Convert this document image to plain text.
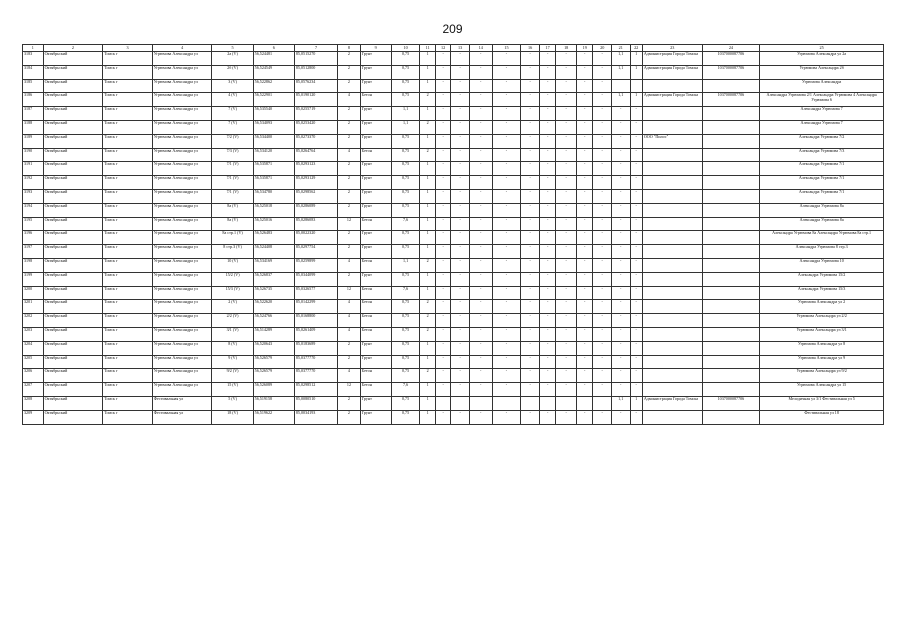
209
1	2	3	4	5	6	7	8	9	10	11	12	13	14	15	16	17	18	19	20	21	22	23	24	25
3183	Октябрьский	Томск г	Угрюмова Александра ул	2а (V)	56,524481	85,0515270	2	Грунт	0,75	1	-	-	-	-	-	-	-	-	-	1,1	1	Администрация Города Томска	1037000087706	Угрюмова Александра ул 2а
3184	Октябрьский	Томск г	Угрюмова Александра ул	2б (V)	56,524549	85,0512800	2	Грунт	0,75	1	-	-	-	-	-	-	-	-	-	1,1	1	Администрация Города Томска	1037000087706	Угрюмова Александра 2б
3185	Октябрьский	Томск г	Угрюмова Александра ул	3 (V)	56,522862	85,0576234	2	Грунт	0,75	1	-	-	-	-	-	-	-	-	-					Угрюмова Александра
3186	Октябрьский	Томск г	Угрюмова Александра ул	4 (V)	56,522901	85,0190120	4	Бетон	0,75	2	-	-	-	-	-	-	-	-	-	1,1	1	Администрация Города Томска	1037000087706	Александра Угрюмова 2/1 Александра Угрюмова 4 Александра Угрюмова 6
3187	Октябрьский	Томск г	Угрюмова Александра ул	7 (V)	56,535540	85,0255719	2	Грунт	1,1	1	-	-	-	-	-	-	-	-	-	-	-			Александра Угрюмова 7
3188	Октябрьский	Томск г	Угрюмова Александра ул	7 (V)	56,534093	85,0253420	2	Грунт	1,1	2	-	-	-	-	-	-	-	-	-	-	-			Александра Угрюмова 7
3189	Октябрьский	Томск г	Угрюмова Александра ул	7/2 (V)	56,534400	85,0273370	2	Грунт	0,75	1	-	-	-	-	-	-	-	-	-	-	-	ООО "Пилос"		Александра Угрюмова 7/2
3190	Октябрьский	Томск г	Угрюмова Александра ул	7/3 (V)	56,534120	85,0264764	4	Бетон	0,75	2	-	-	-	-	-	-	-	-	-	-	-			Александра Угрюмова 7/3
3191	Октябрьский	Томск г	Угрюмова Александра ул	7/1 (V)	56,535871	85,0293123	2	Грунт	0,75	1	-	-	-	-	-	-	-	-	-	-	-			Александра Угрюмова 7/1
3192	Октябрьский	Томск г	Угрюмова Александра ул	7/1 (V)	56,535871	85,0293129	2	Грунт	0,75	1	-	-	-	-	-	-	-	-	-	-	-			Александра Угрюмова 7/1
3193	Октябрьский	Томск г	Угрюмова Александра ул	7/1 (V)	56,534780	85,0298562	2	Грунт	0,75	1	-	-	-	-	-	-	-	-	-	-	-			Александра Угрюмова 7/1
3194	Октябрьский	Томск г	Угрюмова Александра ул	8а (V)	56,525018	85,0286089	2	Грунт	0,75	1	-	-	-	-	-	-	-	-	-	-	-			Александра Угрюмова 8а
3195	Октябрьский	Томск г	Угрюмова Александра ул	8а (V)	56,525016	85,0286083	12	Бетон	7,6	1	-	-	-	-	-	-	-	-	-	-	-			Александра Угрюмова 8а
3196	Октябрьский	Томск г	Угрюмова Александра ул	8а стр.1 (V)	56,526483	85,0022320	2	Грунт	0,75	1	-	-	-	-	-	-	-	-	-	-	-			Александра Угрюмова 8а Александра Угрюмова 8а стр.1
3197	Октябрьский	Томск г	Угрюмова Александра ул	8 стр.3 (V)	56,524408	85,0297754	2	Грунт	0,75	1	-	-	-	-	-	-	-	-	-	-	-			Александра Угрюмова 8 стр.3
3198	Октябрьский	Томск г	Угрюмова Александра ул	10 (V)	56,534169	85,0259899	4	Бетон	1,1	2	-	-	-	-	-	-	-	-	-	-	-			Александра Угрюмова 10
3199	Октябрьский	Томск г	Угрюмова Александра ул	15/2 (V)	56,526837	85,0344099	2	Грунт	0,75	1	-	-	-	-	-	-	-	-	-	-	-			Александра Угрюмова 15/2
3200	Октябрьский	Томск г	Угрюмова Александра ул	15/3 (V)	56,526735	85,0326577	12	Бетон	7,6	1	-	-	-	-	-	-	-	-	-	-	-			Александра Угрюмова 15/3
3201	Октябрьский	Томск г	Угрюмова Александра ул	2 (V)	56,522620	85,0142299	4	Бетон	0,75	2	-	-	-	-	-	-	-	-	-	-	-			Угрюмова Александра ул 2
3202	Октябрьский	Томск г	Угрюмова Александра ул	2/2 (V)	56,524766	85,0168800	4	Бетон	0,75	2	-	-	-	-	-	-	-	-	-	-	-			Угрюмова Александра ул 2/2
3203	Октябрьский	Томск г	Угрюмова Александра ул	3/1 (V)	56,514289	85,0261409	4	Бетон	0,75	2	-	-	-	-	-	-	-	-	-	-	-			Угрюмова Александра ул 3/1
3204	Октябрьский	Томск г	Угрюмова Александра ул	8 (V)	56,520643	85,0183689	2	Грунт	0,75	1	-	-	-	-	-	-	-	-	-	-	-			Угрюмова Александра ул 8
3205	Октябрьский	Томск г	Угрюмова Александра ул	9 (V)	56,526579	85,0377770	2	Грунт	0,75	1	-	-	-	-	-	-	-	-	-	-	-			Угрюмова Александра ул 9
3206	Октябрьский	Томск г	Угрюмова Александра ул	9/2 (V)	56,526579	85,0377770	4	Бетон	0,75	2	-	-	-	-	-	-	-	-	-	-	-			Угрюмова Александра ул 9/2
3207	Октябрьский	Томск г	Угрюмова Александра ул	15 (V)	56,526089	85,0298512	12	Бетон	7,6	1	-	-	-	-	-	-	-	-	-	-	-			Угрюмова Александра ул 15
3208	Октябрьский	Томск г	Фестивальная ул	5 (V)	56,519158	85,0080510	2	Грунт	0,75	1										1,1	1	Администрация Города Томска	1037000087706	Мелодичная ул 3/1 Фестивальная ул 5
3209	Октябрьский	Томск г	Фестивальная ул	18 (V)	56,519622	85,0034193	2	Грунт	0,75	1	-	-	-	-	-	-	-	-	-	-	-			Фестивальная ул 18
